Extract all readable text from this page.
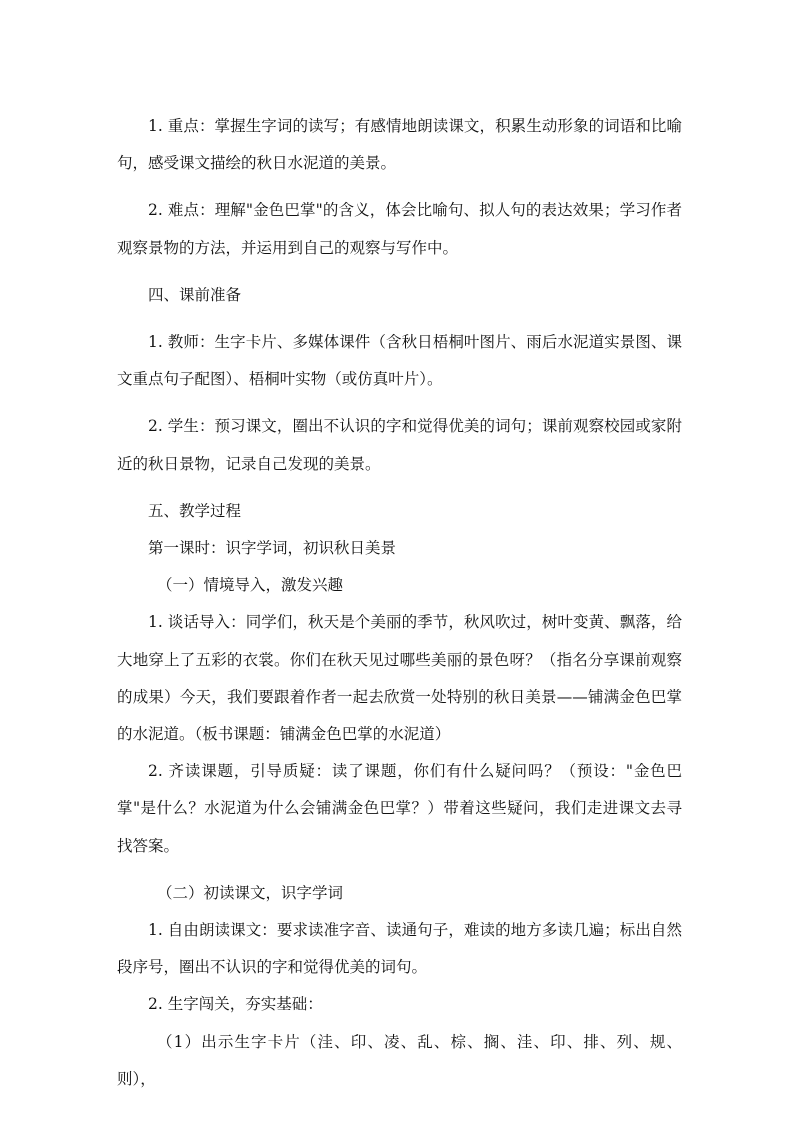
1. 重点：掌握生字词的读写；有感情地朗读课文，积累生动形象的词语和比喻句，感受课文描绘的秋日水泥道的美景。

2. 难点：理解"金色巴掌"的含义，体会比喻句、拟人句的表达效果；学习作者观察景物的方法，并运用到自己的观察与写作中。

四、课前准备

1. 教师：生字卡片、多媒体课件（含秋日梧桐叶图片、雨后水泥道实景图、课文重点句子配图）、梧桐叶实物（或仿真叶片）。

2. 学生：预习课文，圈出不认识的字和觉得优美的词句；课前观察校园或家附近的秋日景物，记录自己发现的美景。

五、教学过程

第一课时：识字学词，初识秋日美景

（一）情境导入，激发兴趣

1. 谈话导入：同学们，秋天是个美丽的季节，秋风吹过，树叶变黄、飘落，给大地穿上了五彩的衣裳。你们在秋天见过哪些美丽的景色呀？（指名分享课前观察的成果）今天，我们要跟着作者一起去欣赏一处特别的秋日美景——铺满金色巴掌的水泥道。（板书课题：铺满金色巴掌的水泥道）

2. 齐读课题，引导质疑：读了课题，你们有什么疑问吗？（预设："金色巴掌"是什么？水泥道为什么会铺满金色巴掌？）带着这些疑问，我们走进课文去寻找答案。

（二）初读课文，识字学词

1. 自由朗读课文：要求读准字音、读通句子，难读的地方多读几遍；标出自然段序号，圈出不认识的字和觉得优美的词句。

2. 生字闯关，夯实基础：

（1）出示生字卡片（洼、印、凌、乱、棕、搁、洼、印、排、列、规、则），
